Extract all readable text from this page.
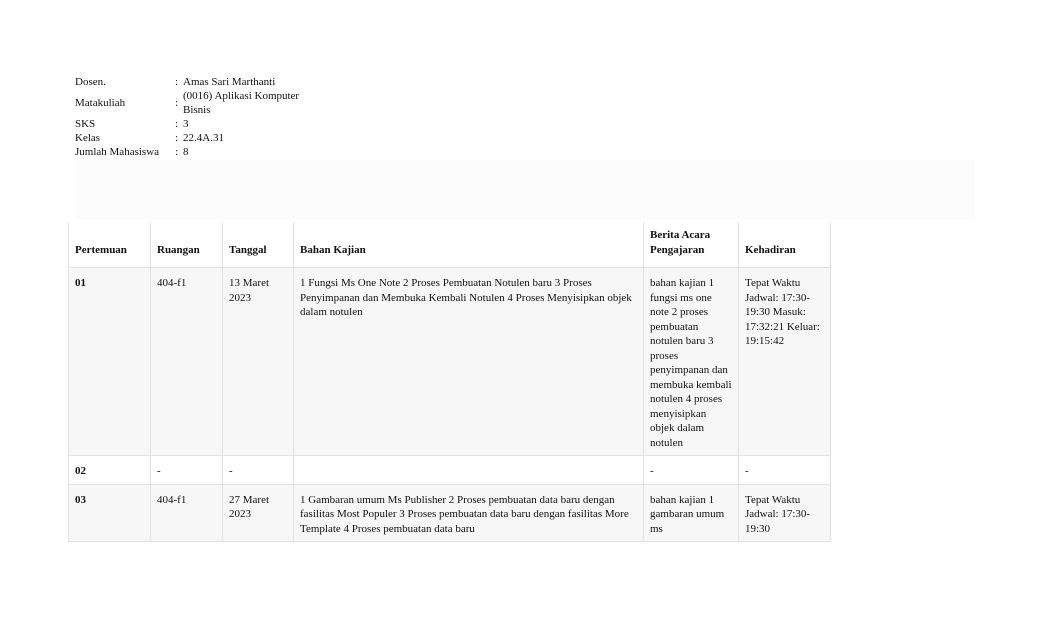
Dosen.	:	Amas Sari Marthanti
Matakuliah	:	(0016) Aplikasi Komputer Bisnis
SKS	:	3
Kelas	:	22.4A.31
Jumlah Mahasiswa	:	8
Pertemuan	Ruangan	Tanggal	Bahan Kajian	Berita Acara Pengajaran	Kehadiran
01	404-f1	13 Maret 2023	1 Fungsi Ms One Note 2 Proses Pembuatan Notulen baru 3 Proses Penyimpanan dan Membuka Kembali Notulen 4 Proses Menyisipkan objek dalam notulen	bahan kajian 1 fungsi ms one note 2 proses pembuatan notulen baru 3 proses penyimpanan dan membuka kembali notulen 4 proses menyisipkan objek dalam notulen	Tepat Waktu Jadwal: 17:30-19:30 Masuk: 17:32:21 Keluar: 19:15:42
02	-	-		-	-
03	404-f1	27 Maret 2023	1 Gambaran umum Ms Publisher 2 Proses pembuatan data baru dengan fasilitas Most Populer 3 Proses pembuatan data baru dengan fasilitas More Template 4 Proses pembuatan data baru	bahan kajian 1 gambaran umum ms	Tepat Waktu Jadwal: 17:30-19:30
